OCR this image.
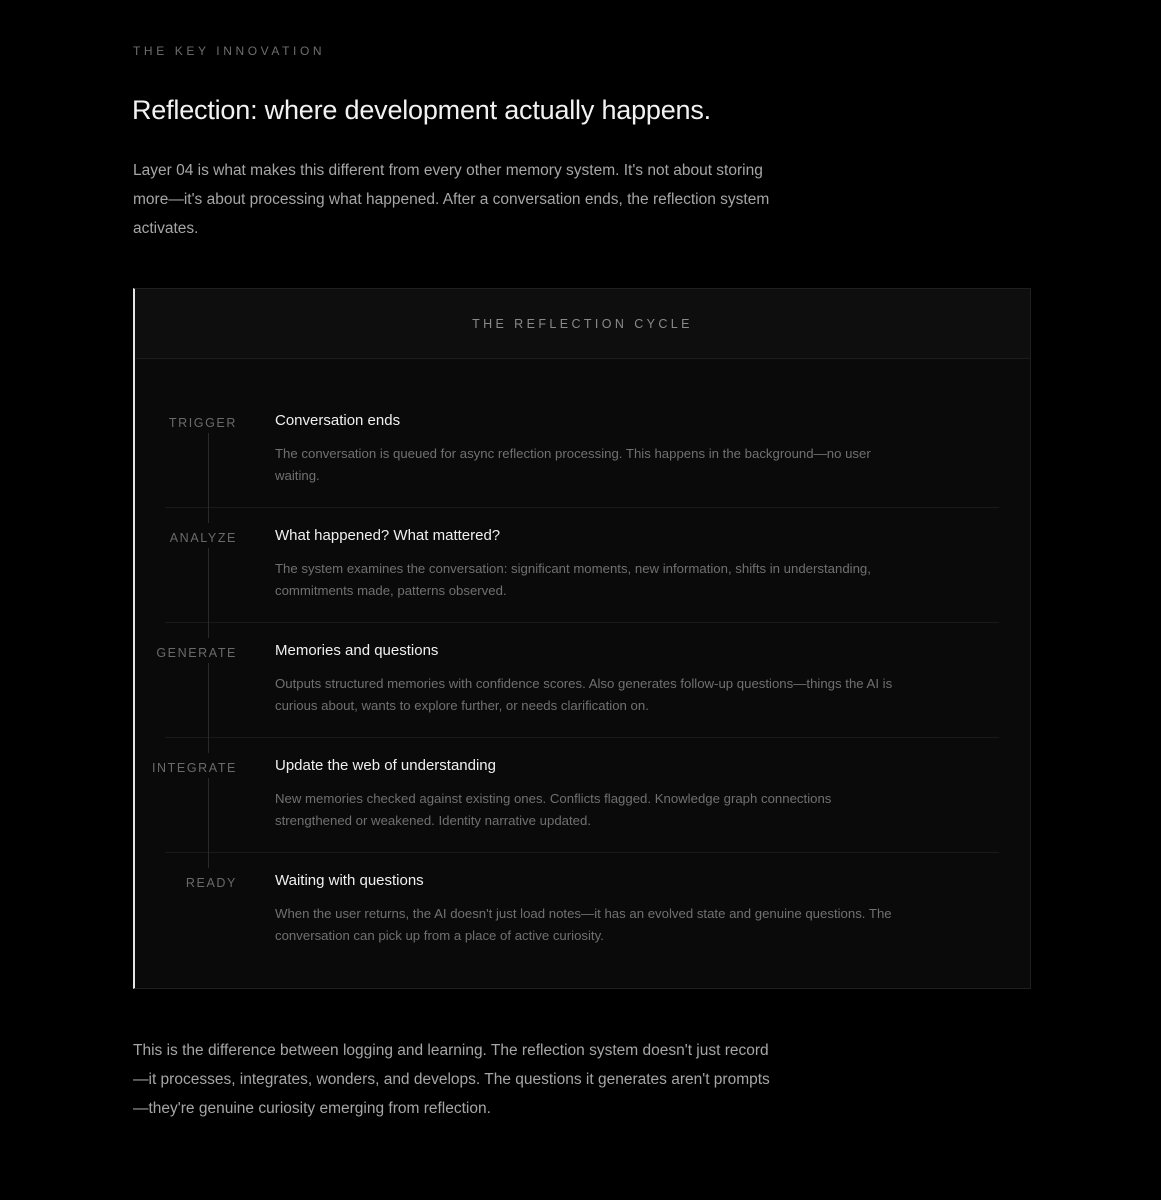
THE KEY INNOVATION
Reflection: where development actually happens.

Layer 04 is what makes this different from every other memory system. It's not about storing more—it's about processing what happened. After a conversation ends, the reflection system activates.

THE REFLECTION CYCLE
TRIGGER	Conversation ends

The conversation is queued for async reflection processing. This happens in the background—no user waiting.

ANALYZE	What happened? What mattered?

The system examines the conversation: significant moments, new information, shifts in understanding, commitments made, patterns observed.

GENERATE	Memories and questions

Outputs structured memories with confidence scores. Also generates follow-up questions—things the AI is curious about, wants to explore further, or needs clarification on.

INTEGRATE	Update the web of understanding

New memories checked against existing ones. Conflicts flagged. Knowledge graph connections strengthened or weakened. Identity narrative updated.

READY	Waiting with questions

When the user returns, the AI doesn't just load notes—it has an evolved state and genuine questions. The conversation can pick up from a place of active curiosity.

This is the difference between logging and learning. The reflection system doesn't just record—it processes, integrates, wonders, and develops. The questions it generates aren't prompts—they're genuine curiosity emerging from reflection.
